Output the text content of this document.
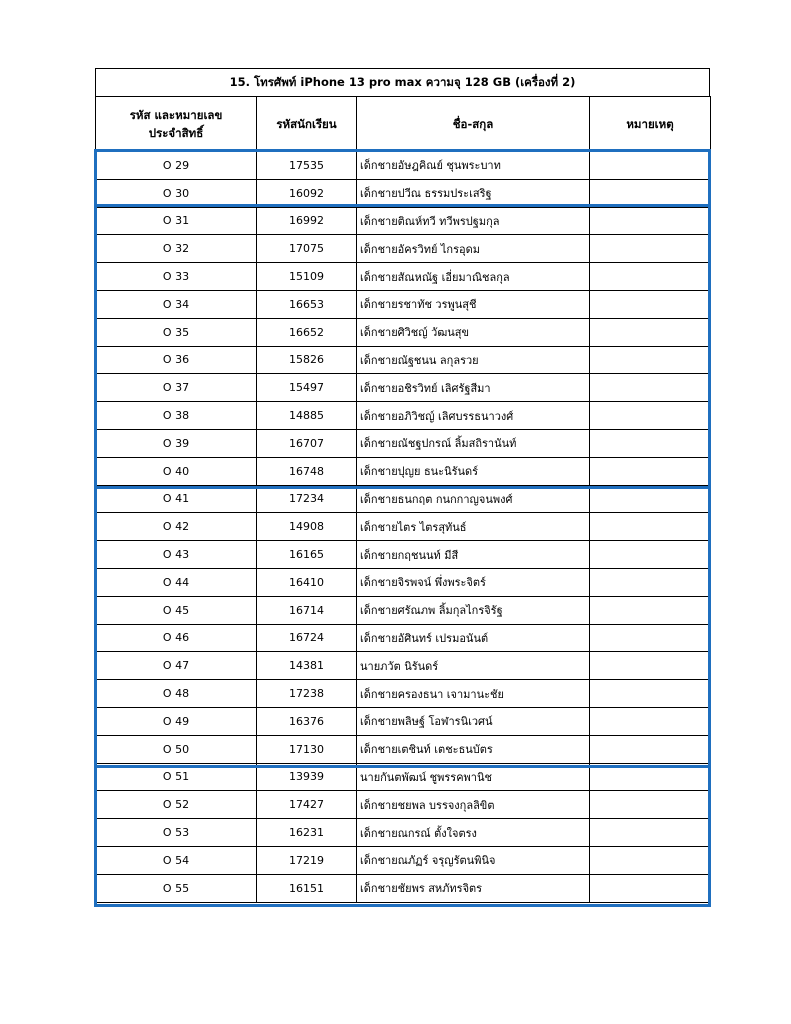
15. โทรศัพท์ iPhone 13 pro max ความจุ 128 GB (เครื่องที่ 2)
รหัส และหมายเลข
ประจำสิทธิ์	รหัสนักเรียน	ชื่อ-สกุล	หมายเหตุ
O 29	17535	เด็กชายอัษฎคิณย์ ชุนพระบาท	
O 30	16092	เด็กชายปวีณ ธรรมประเสริฐ	
O 31	16992	เด็กชายติณห์ทวี ทวีพรปฐมกุล	
O 32	17075	เด็กชายอัครวิทย์ ไกรอุดม	
O 33	15109	เด็กชายสัณหณัฐ เอี่ยมาณิชลกุล	
O 34	16653	เด็กชายรชาทัช วรพูนสุชี	
O 35	16652	เด็กชายศิวิชญ์ วัฒนสุข	
O 36	15826	เด็กชายณัฐชนน ลกุลรวย	
O 37	15497	เด็กชายอชิรวิทย์ เลิศรัฐสีมา	
O 38	14885	เด็กชายอภิวิชญ์ เลิศบรรธนาวงศ์	
O 39	16707	เด็กชายณัชฐปกรณ์ ลิ้มสถิรานันท์	
O 40	16748	เด็กชายปุญย ธนะนิรันดร์	
O 41	17234	เด็กชายธนกฤต กนกกาญจนพงศ์	
O 42	14908	เด็กชายไตร ไตรสุทันธ์	
O 43	16165	เด็กชายกฤชนนท์ มีสี	
O 44	16410	เด็กชายจิรพจน์ พึ่งพระจิตร์	
O 45	16714	เด็กชายศรัณภพ ลิ้มกุลไกรจิรัฐ	
O 46	16724	เด็กชายอัศินทร์ เปรมอนันต์	
O 47	14381	นายภวัต นิรันดร์	
O 48	17238	เด็กชายครองธนา เจามานะชัย	
O 49	16376	เด็กชายพลิษฐ์ โอฬารนิเวศน์	
O 50	17130	เด็กชายเตชินท์ เตชะธนบัตร	
O 51	13939	นายกันตพัฒน์ ชูพรรคพานิช	
O 52	17427	เด็กชายชยพล บรรจงกุลลิขิต	
O 53	16231	เด็กชายณกรณ์ ตั้งใจตรง	
O 54	17219	เด็กชายณภัฏร์ จรุญรัตนพินิจ	
O 55	16151	เด็กชายชัยพร สหภัทรจิตร	
